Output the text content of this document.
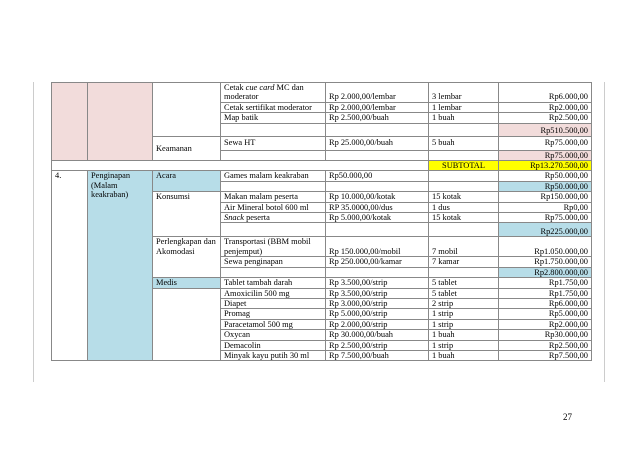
			Cetak cue card MC dan moderator	Rp 2.000,00/lembar	3 lembar	Rp6.000,00
			Cetak sertifikat moderator	Rp 2.000,00/lembar	1 lembar	Rp2.000,00
			Map batik	Rp 2.500,00/buah	1 buah	Rp2.500,00
						Rp510.500,00
		Keamanan	Sewa HT	Rp 25.000,00/buah	5 buah	Rp75.000,00
						Rp75.000,00
					SUBTOTAL	Rp13.270.500,00
4.	Penginapan (Malam keakraban)	Acara	Games malam keakraban	Rp50.000,00		Rp50.000,00
						Rp50.000,00
		Konsumsi	Makan malam peserta	Rp 10.000,00/kotak	15 kotak	Rp150.000,00
			Air Mineral botol 600 ml	RP 35.0000,00/dus	1 dus	Rp0,00
			Snack peserta	Rp 5.000,00/kotak	15 kotak	Rp75.000,00
						Rp225.000,00
		Perlengkapan dan Akomodasi	Transportasi (BBM mobil penjemput)	Rp 150.000,00/mobil	7 mobil	Rp1.050.000,00
			Sewa penginapan	Rp 250.000,00/kamar	7 kamar	Rp1.750.000,00
						Rp2.800.000,00
		Medis	Tablet tambah darah	Rp 3.500,00/strip	5 tablet	Rp1.750,00
			Amoxicilin 500 mg	Rp 3.500,00/strip	5 tablet	Rp1.750,00
			Diapet	Rp 3.000,00/strip	2 strip	Rp6.000,00
			Promag	Rp 5.000,00/strip	1 strip	Rp5.000,00
			Paracetamol 500 mg	Rp 2.000,00/strip	1 strip	Rp2.000,00
			Oxycan	Rp 30.000,00/buah	1 buah	Rp30.000,00
			Demacolin	Rp 2.500,00/strip	1 strip	Rp2.500,00
			Minyak kayu putih 30 ml	Rp 7.500,00/buah	1 buah	Rp7.500,00
27
